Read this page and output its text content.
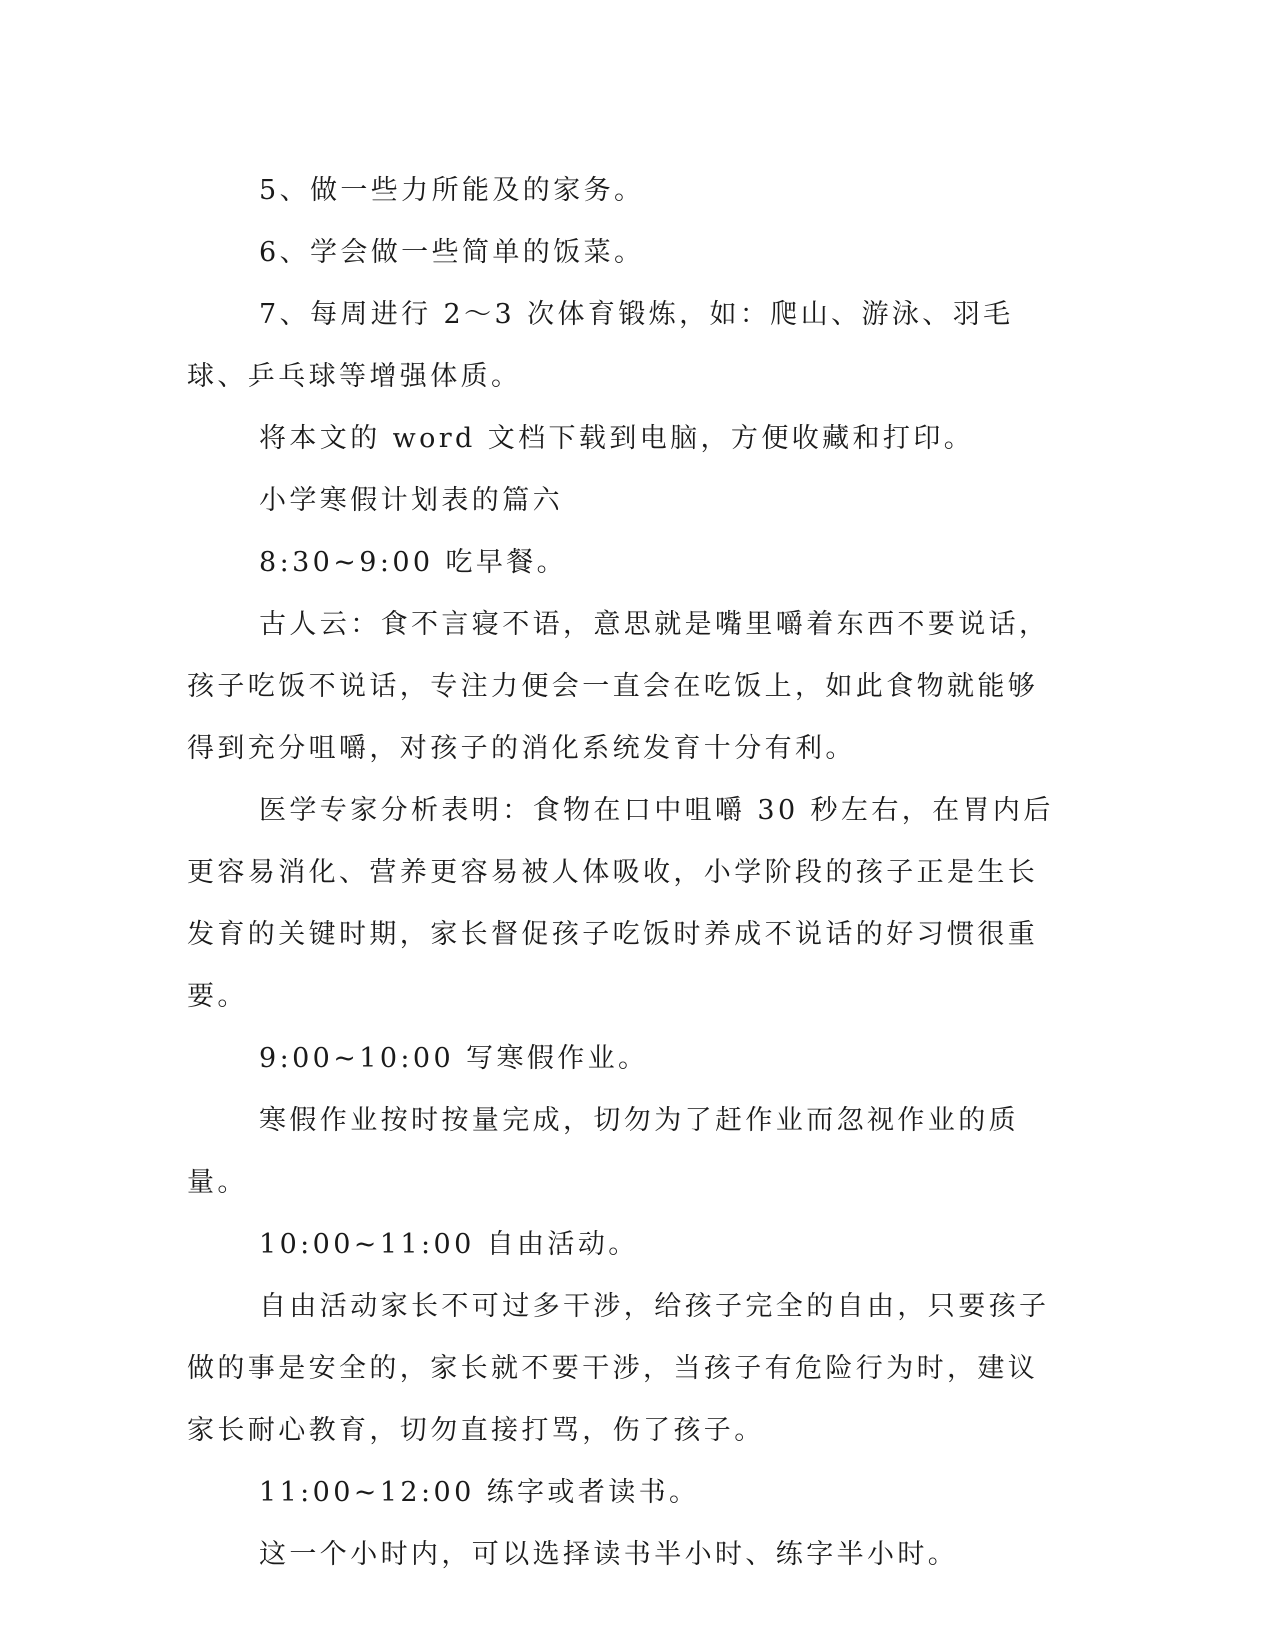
5、做一些力所能及的家务。

6、学会做一些简单的饭菜。

7、每周进行 2～3 次体育锻炼，如：爬山、游泳、羽毛球、乒乓球等增强体质。

将本文的 word 文档下载到电脑，方便收藏和打印。

小学寒假计划表的篇六

8:30~9:00 吃早餐。

古人云：食不言寝不语，意思就是嘴里嚼着东西不要说话，孩子吃饭不说话，专注力便会一直会在吃饭上，如此食物就能够得到充分咀嚼，对孩子的消化系统发育十分有利。

医学专家分析表明：食物在口中咀嚼 30 秒左右，在胃内后更容易消化、营养更容易被人体吸收，小学阶段的孩子正是生长发育的关键时期，家长督促孩子吃饭时养成不说话的好习惯很重要。

9:00~10:00 写寒假作业。

寒假作业按时按量完成，切勿为了赶作业而忽视作业的质量。

10:00~11:00 自由活动。

自由活动家长不可过多干涉，给孩子完全的自由，只要孩子做的事是安全的，家长就不要干涉，当孩子有危险行为时，建议家长耐心教育，切勿直接打骂，伤了孩子。

11:00~12:00 练字或者读书。

这一个小时内，可以选择读书半小时、练字半小时。
